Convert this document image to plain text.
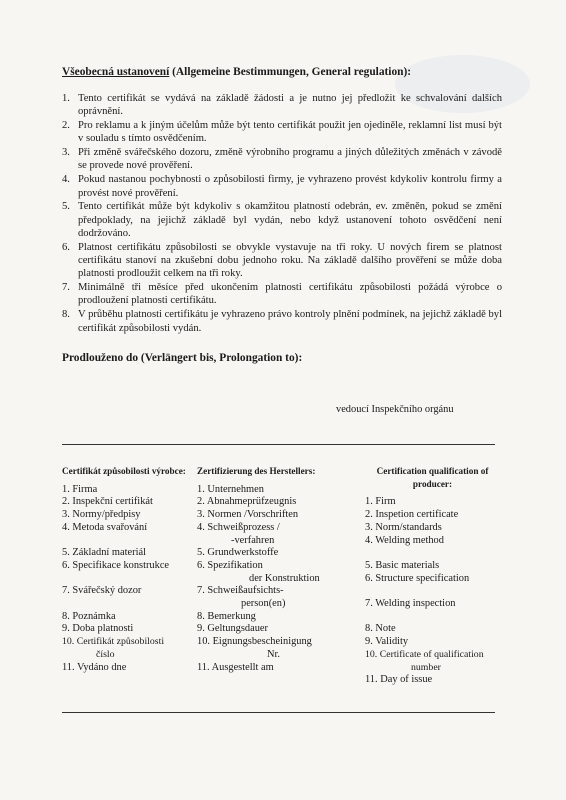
Všeobecná ustanovení (Allgemeine Bestimmungen, General regulation):
1. Tento certifikát se vydává na základě žádosti a je nutno jej předložit ke schvalování dalších oprávnění.
2. Pro reklamu a k jiným účelům může být tento certifikát použit jen ojediněle, reklamní list musí být v souladu s tímto osvědčením.
3. Při změně svářečského dozoru, změně výrobního programu a jiných důležitých změnách v závodě se provede nové prověření.
4. Pokud nastanou pochybnosti o způsobilosti firmy, je vyhrazeno provést kdykoliv kontrolu firmy a provést nové prověření.
5. Tento certifikát může být kdykoliv s okamžitou platností odebrán, ev. změněn, pokud se změní předpoklady, na jejichž základě byl vydán, nebo když ustanovení tohoto osvědčení není dodržováno.
6. Platnost certifikátu způsobilosti se obvykle vystavuje na tři roky. U nových firem se platnost certifikátu stanoví na zkušební dobu jednoho roku. Na základě dalšího prověření se může doba platnosti prodloužit celkem na tři roky.
7. Minimálně tři měsíce před ukončením platnosti certifikátu způsobilosti požádá výrobce o prodloužení platnosti certifikátu.
8. V průběhu platnosti certifikátu je vyhrazeno právo kontroly plnění podmínek, na jejichž základě byl certifikát způsobilosti vydán.
Prodlouženo do (Verlängert bis, Prolongation to):
vedoucí Inspekčního orgánu
Certifikát způsobilosti výrobce:
1. Firma
2. Inspekční certifikát
3. Normy/předpisy
4. Metoda svařování

5. Základní materiál
6. Specifikace konstrukce

7. Svářečský dozor

8. Poznámka
9. Doba platnosti
10. Certifikát způsobilosti
číslo
11. Vydáno dne
Zertifizierung des Herstellers:
1. Unternehmen
2. Abnahmeprüfzeugnis
3. Normen /Vorschriften
4. Schweißprozess /
-verfahren
5. Grundwerkstoffe
6. Spezifikation
der Konstruktion
7. Schweißaufsichts-
person(en)
8. Bemerkung
9. Geltungsdauer
10. Eignungsbescheinigung
Nr.
11. Ausgestellt am
Certification qualification of
producer:
1. Firm
2. Inspetion certificate
3. Norm/standards
4. Welding method

5. Basic materials
6. Structure specification

7. Welding inspection

8. Note
9. Validity
10. Certificate of qualification
number
11. Day of issue
